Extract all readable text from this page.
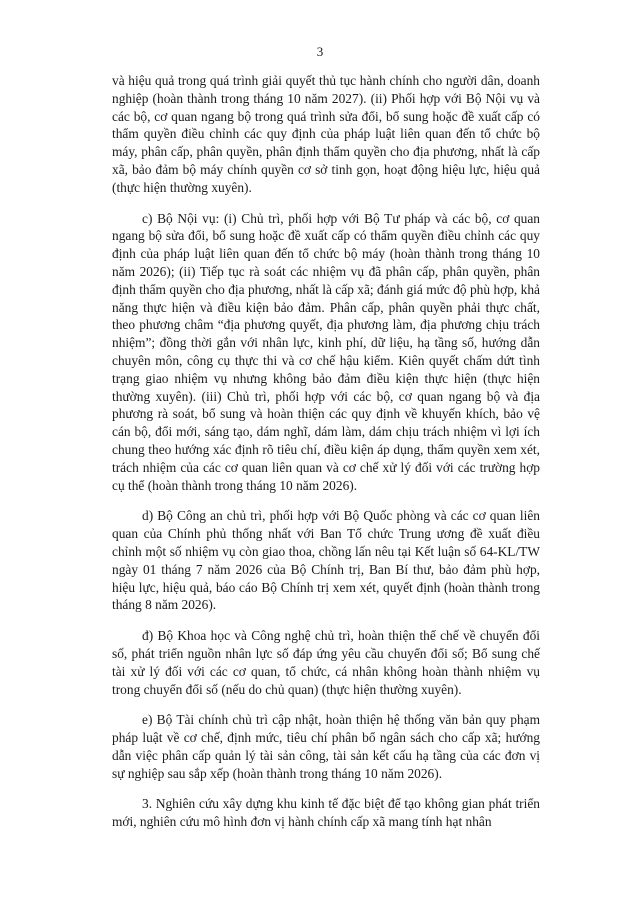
3

và hiệu quả trong quá trình giải quyết thủ tục hành chính cho người dân, doanh nghiệp (hoàn thành trong tháng 10 năm 2027). (ii) Phối hợp với Bộ Nội vụ và các bộ, cơ quan ngang bộ trong quá trình sửa đổi, bổ sung hoặc đề xuất cấp có thẩm quyền điều chỉnh các quy định của pháp luật liên quan đến tổ chức bộ máy, phân cấp, phân quyền, phân định thẩm quyền cho địa phương, nhất là cấp xã, bảo đảm bộ máy chính quyền cơ sở tinh gọn, hoạt động hiệu lực, hiệu quả (thực hiện thường xuyên).

c) Bộ Nội vụ: (i) Chủ trì, phối hợp với Bộ Tư pháp và các bộ, cơ quan ngang bộ sửa đổi, bổ sung hoặc đề xuất cấp có thẩm quyền điều chỉnh các quy định của pháp luật liên quan đến tổ chức bộ máy (hoàn thành trong tháng 10 năm 2026); (ii) Tiếp tục rà soát các nhiệm vụ đã phân cấp, phân quyền, phân định thẩm quyền cho địa phương, nhất là cấp xã; đánh giá mức độ phù hợp, khả năng thực hiện và điều kiện bảo đảm. Phân cấp, phân quyền phải thực chất, theo phương châm “địa phương quyết, địa phương làm, địa phương chịu trách nhiệm”; đồng thời gắn với nhân lực, kinh phí, dữ liệu, hạ tầng số, hướng dẫn chuyên môn, công cụ thực thi và cơ chế hậu kiểm. Kiên quyết chấm dứt tình trạng giao nhiệm vụ nhưng không bảo đảm điều kiện thực hiện (thực hiện thường xuyên). (iii) Chủ trì, phối hợp với các bộ, cơ quan ngang bộ và địa phương rà soát, bổ sung và hoàn thiện các quy định về khuyến khích, bảo vệ cán bộ, đổi mới, sáng tạo, dám nghĩ, dám làm, dám chịu trách nhiệm vì lợi ích chung theo hướng xác định rõ tiêu chí, điều kiện áp dụng, thẩm quyền xem xét, trách nhiệm của các cơ quan liên quan và cơ chế xử lý đối với các trường hợp cụ thể (hoàn thành trong tháng 10 năm 2026).

d) Bộ Công an chủ trì, phối hợp với Bộ Quốc phòng và các cơ quan liên quan của Chính phủ thống nhất với Ban Tổ chức Trung ương đề xuất điều chỉnh một số nhiệm vụ còn giao thoa, chồng lấn nêu tại Kết luận số 64-KL/TW ngày 01 tháng 7 năm 2026 của Bộ Chính trị, Ban Bí thư, bảo đảm phù hợp, hiệu lực, hiệu quả, báo cáo Bộ Chính trị xem xét, quyết định (hoàn thành trong tháng 8 năm 2026).

đ) Bộ Khoa học và Công nghệ chủ trì, hoàn thiện thể chế về chuyển đổi số, phát triển nguồn nhân lực số đáp ứng yêu cầu chuyển đổi số; Bổ sung chế tài xử lý đối với các cơ quan, tổ chức, cá nhân không hoàn thành nhiệm vụ trong chuyển đổi số (nếu do chủ quan) (thực hiện thường xuyên).

e) Bộ Tài chính chủ trì cập nhật, hoàn thiện hệ thống văn bản quy phạm pháp luật về cơ chế, định mức, tiêu chí phân bổ ngân sách cho cấp xã; hướng dẫn việc phân cấp quản lý tài sản công, tài sản kết cấu hạ tầng của các đơn vị sự nghiệp sau sắp xếp (hoàn thành trong tháng 10 năm 2026).

3. Nghiên cứu xây dựng khu kinh tế đặc biệt để tạo không gian phát triển mới, nghiên cứu mô hình đơn vị hành chính cấp xã mang tính hạt nhân
